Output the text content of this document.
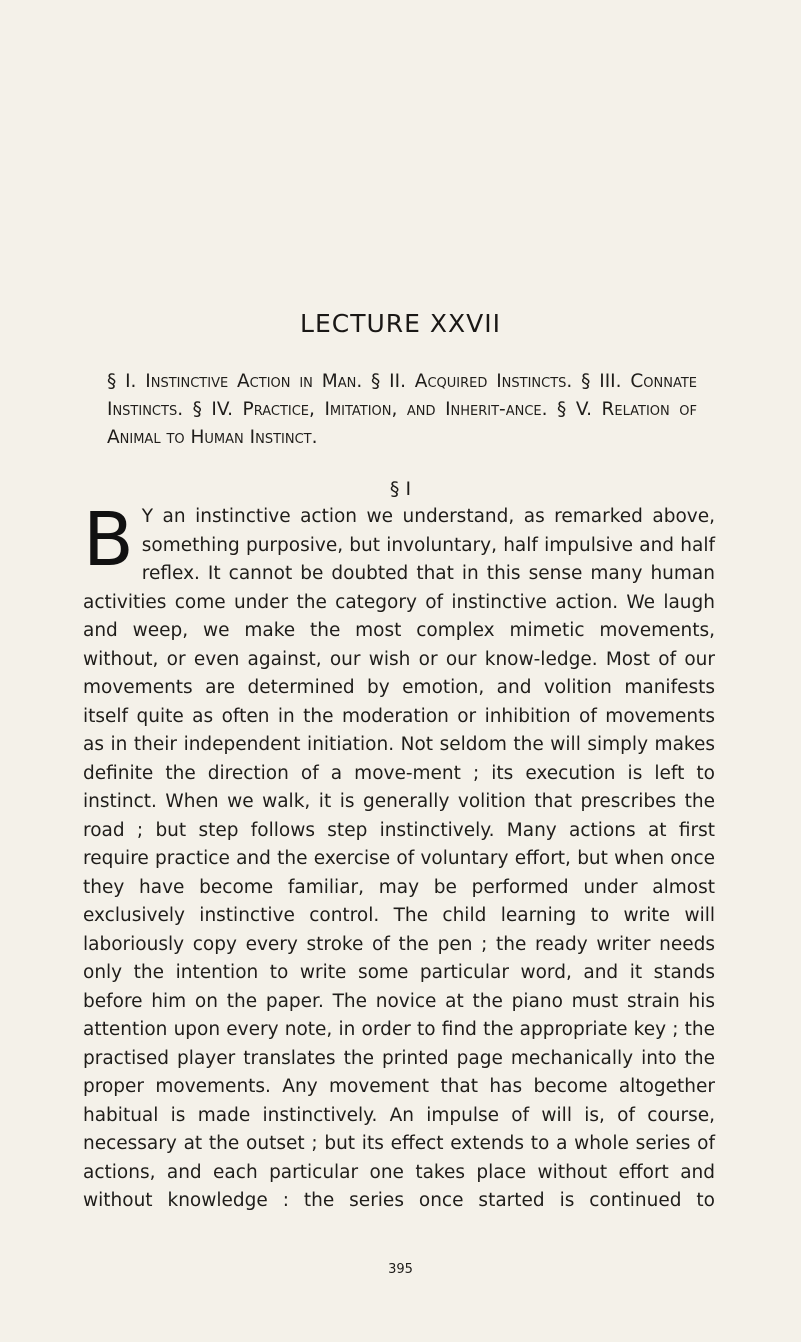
LECTURE XXVII
§ I. Instinctive Action in Man. § II. Acquired Instincts. § III. Connate Instincts. § IV. Practice, Imitation, and Inherit-ance. § V. Relation of Animal to Human Instinct.
§ I

B Y an instinctive action we understand, as remarked above, something purposive, but involuntary, half impulsive and half reflex. It cannot be doubted that in this sense many human activities come under the category of instinctive action. We laugh and weep, we make the most complex mimetic movements, without, or even against, our wish or our know-ledge. Most of our movements are determined by emotion, and volition manifests itself quite as often in the moderation or inhibition of movements as in their independent initiation. Not seldom the will simply makes definite the direction of a move-ment ; its execution is left to instinct. When we walk, it is generally volition that prescribes the road ; but step follows step instinctively. Many actions at first require practice and the exercise of voluntary effort, but when once they have become familiar, may be performed under almost exclusively instinctive control. The child learning to write will laboriously copy every stroke of the pen ; the ready writer needs only the intention to write some particular word, and it stands before him on the paper. The novice at the piano must strain his attention upon every note, in order to find the appropriate key ; the practised player translates the printed page mechanically into the proper movements. Any movement that has become altogether habitual is made instinctively. An impulse of will is, of course, necessary at the outset ; but its effect extends to a whole series of actions, and each particular one takes place without effort and without knowledge : the series once started is continued to

395
